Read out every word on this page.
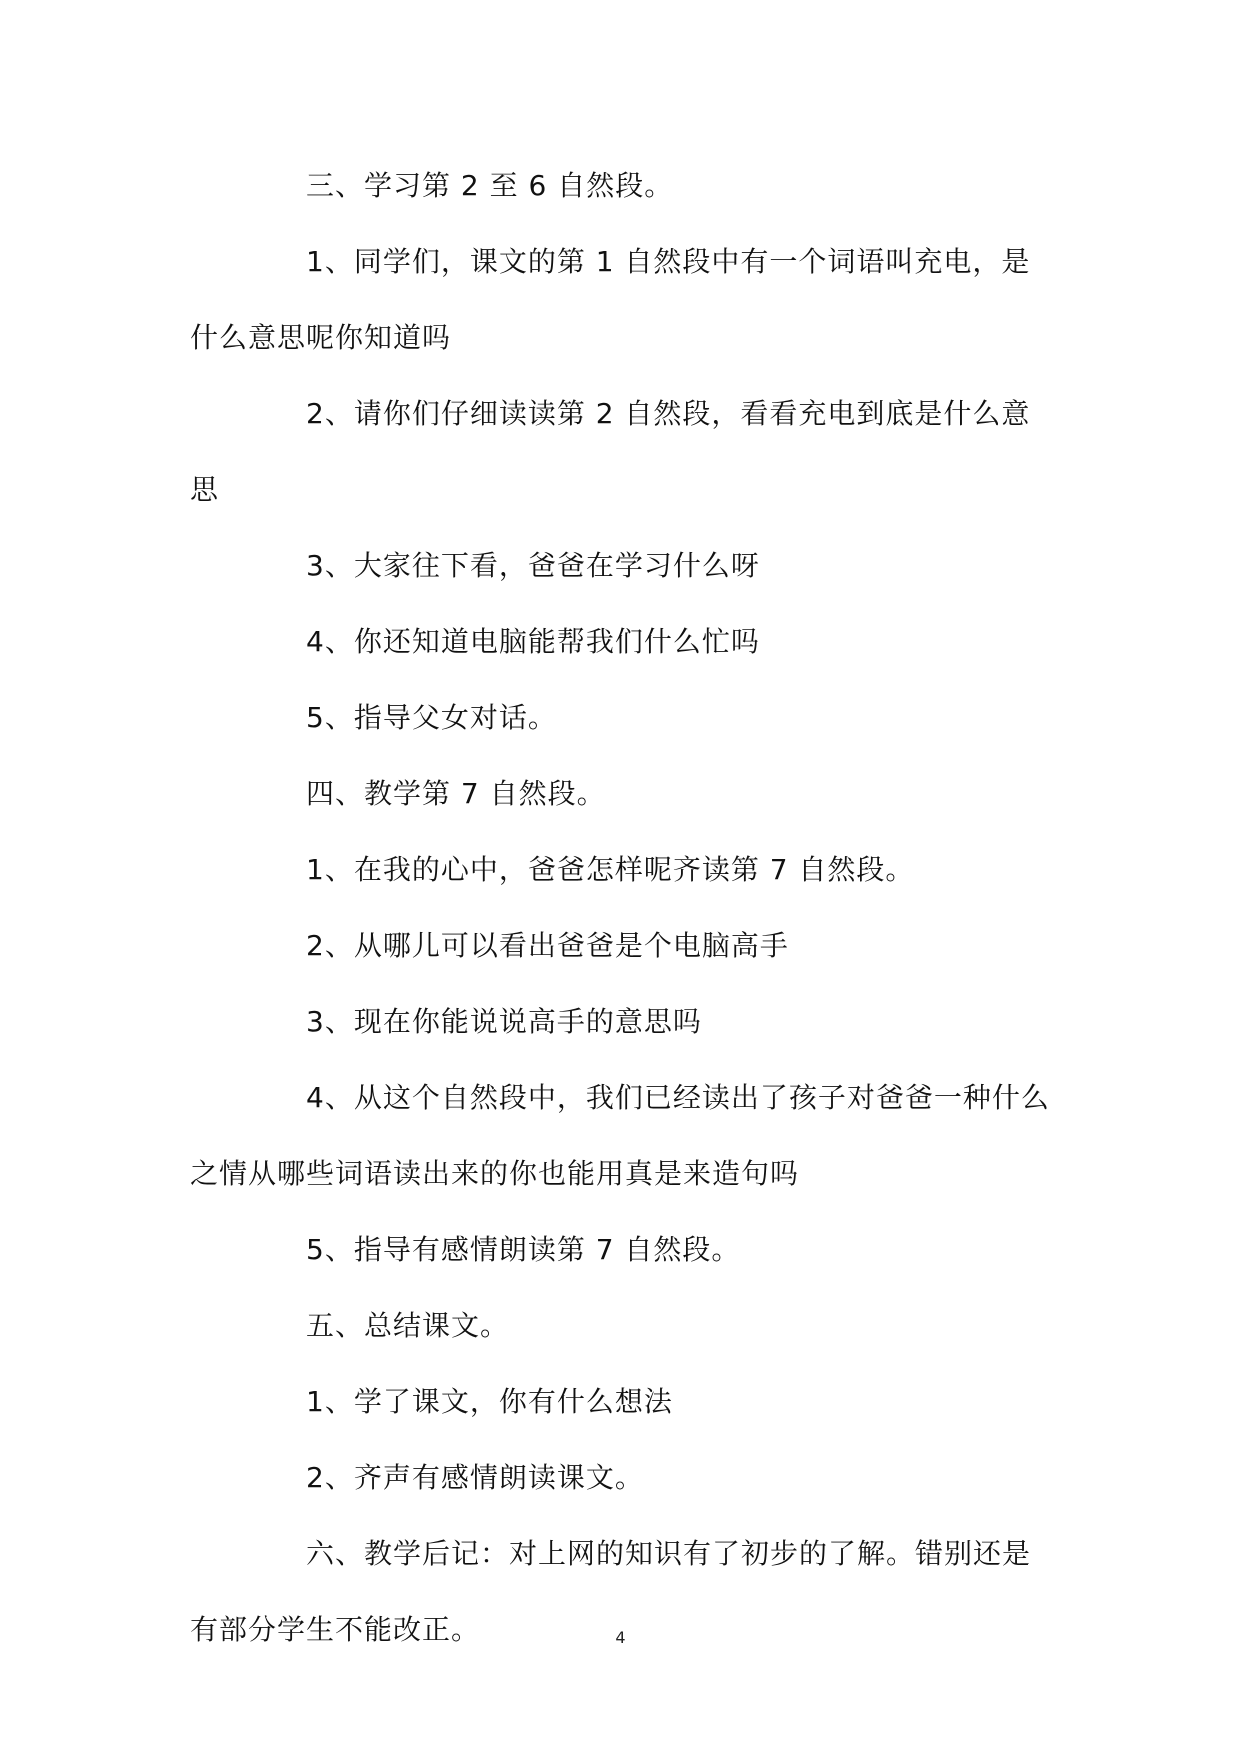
三、学习第 2 至 6 自然段。

1、同学们，课文的第 1 自然段中有一个词语叫充电，是什么意思呢你知道吗

2、请你们仔细读读第 2 自然段，看看充电到底是什么意思

3、大家往下看，爸爸在学习什么呀

4、你还知道电脑能帮我们什么忙吗

5、指导父女对话。

四、教学第 7 自然段。

1、在我的心中，爸爸怎样呢齐读第 7 自然段。

2、从哪儿可以看出爸爸是个电脑高手

3、现在你能说说高手的意思吗

4、从这个自然段中，我们已经读出了孩子对爸爸一种什么之情从哪些词语读出来的你也能用真是来造句吗

5、指导有感情朗读第 7 自然段。

五、总结课文。

1、学了课文，你有什么想法

2、齐声有感情朗读课文。

六、教学后记：对上网的知识有了初步的了解。错别还是有部分学生不能改正。	4
